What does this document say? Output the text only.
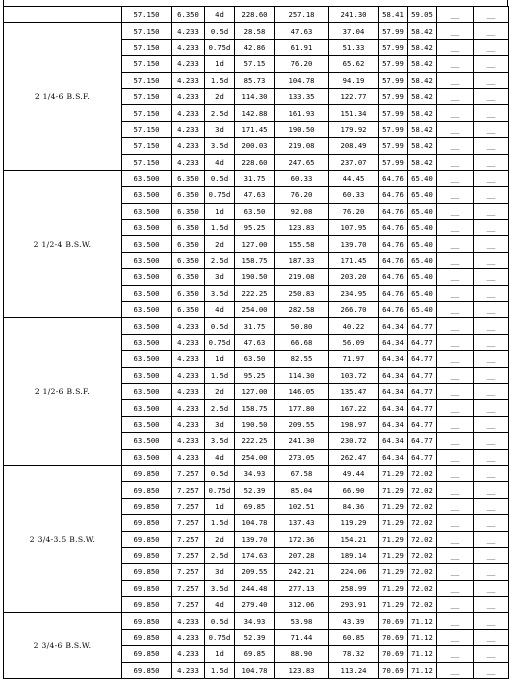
	57.150	6.350	4d	228.60	257.18	241.30	58.41	59.05	__	__
2 1/4-6 B.S.F.	57.150	4.233	0.5d	28.58	47.63	37.04	57.99	58.42	__	__
	57.150	4.233	0.75d	42.86	61.91	51.33	57.99	58.42	__	__
	57.150	4.233	1d	57.15	76.20	65.62	57.99	58.42	__	__
	57.150	4.233	1.5d	85.73	104.78	94.19	57.99	58.42	__	__
	57.150	4.233	2d	114.30	133.35	122.77	57.99	58.42	__	__
	57.150	4.233	2.5d	142.88	161.93	151.34	57.99	58.42	__	__
	57.150	4.233	3d	171.45	190.50	179.92	57.99	58.42	__	__
	57.150	4.233	3.5d	200.03	219.08	208.49	57.99	58.42	__	__
	57.150	4.233	4d	228.60	247.65	237.07	57.99	58.42	__	__
2 1/2-4 B.S.W.	63.500	6.350	0.5d	31.75	60.33	44.45	64.76	65.40	__	__
	63.500	6.350	0.75d	47.63	76.20	60.33	64.76	65.40	__	__
	63.500	6.350	1d	63.50	92.08	76.20	64.76	65.40	__	__
	63.500	6.350	1.5d	95.25	123.83	107.95	64.76	65.40	__	__
	63.500	6.350	2d	127.00	155.58	139.70	64.76	65.40	__	__
	63.500	6.350	2.5d	158.75	187.33	171.45	64.76	65.40	__	__
	63.500	6.350	3d	190.50	219.08	203.20	64.76	65.40	__	__
	63.500	6.350	3.5d	222.25	250.83	234.95	64.76	65.40	__	__
	63.500	6.350	4d	254.00	282.58	266.70	64.76	65.40	__	__
2 1/2-6 B.S.F.	63.500	4.233	0.5d	31.75	50.80	40.22	64.34	64.77	__	__
	63.500	4.233	0.75d	47.63	66.68	56.09	64.34	64.77	__	__
	63.500	4.233	1d	63.50	82.55	71.97	64.34	64.77	__	__
	63.500	4.233	1.5d	95.25	114.30	103.72	64.34	64.77	__	__
	63.500	4.233	2d	127.00	146.05	135.47	64.34	64.77	__	__
	63.500	4.233	2.5d	158.75	177.80	167.22	64.34	64.77	__	__
	63.500	4.233	3d	190.50	209.55	198.97	64.34	64.77	__	__
	63.500	4.233	3.5d	222.25	241.30	230.72	64.34	64.77	__	__
	63.500	4.233	4d	254.00	273.05	262.47	64.34	64.77	__	__
2 3/4-3.5 B.S.W.	69.850	7.257	0.5d	34.93	67.58	49.44	71.29	72.02	__	__
	69.850	7.257	0.75d	52.39	85.04	66.90	71.29	72.02	__	__
	69.850	7.257	1d	69.85	102.51	84.36	71.29	72.02	__	__
	69.850	7.257	1.5d	104.78	137.43	119.29	71.29	72.02	__	__
	69.850	7.257	2d	139.70	172.36	154.21	71.29	72.02	__	__
	69.850	7.257	2.5d	174.63	207.28	189.14	71.29	72.02	__	__
	69.850	7.257	3d	209.55	242.21	224.06	71.29	72.02	__	__
	69.850	7.257	3.5d	244.48	277.13	258.99	71.29	72.02	__	__
	69.850	7.257	4d	279.40	312.06	293.91	71.29	72.02	__	__
2 3/4-6 B.S.W.	69.850	4.233	0.5d	34.93	53.98	43.39	70.69	71.12	__	__
	69.850	4.233	0.75d	52.39	71.44	60.85	70.69	71.12	__	__
	69.850	4.233	1d	69.85	88.90	78.32	70.69	71.12	__	__
	69.850	4.233	1.5d	104.78	123.83	113.24	70.69	71.12	__	__
